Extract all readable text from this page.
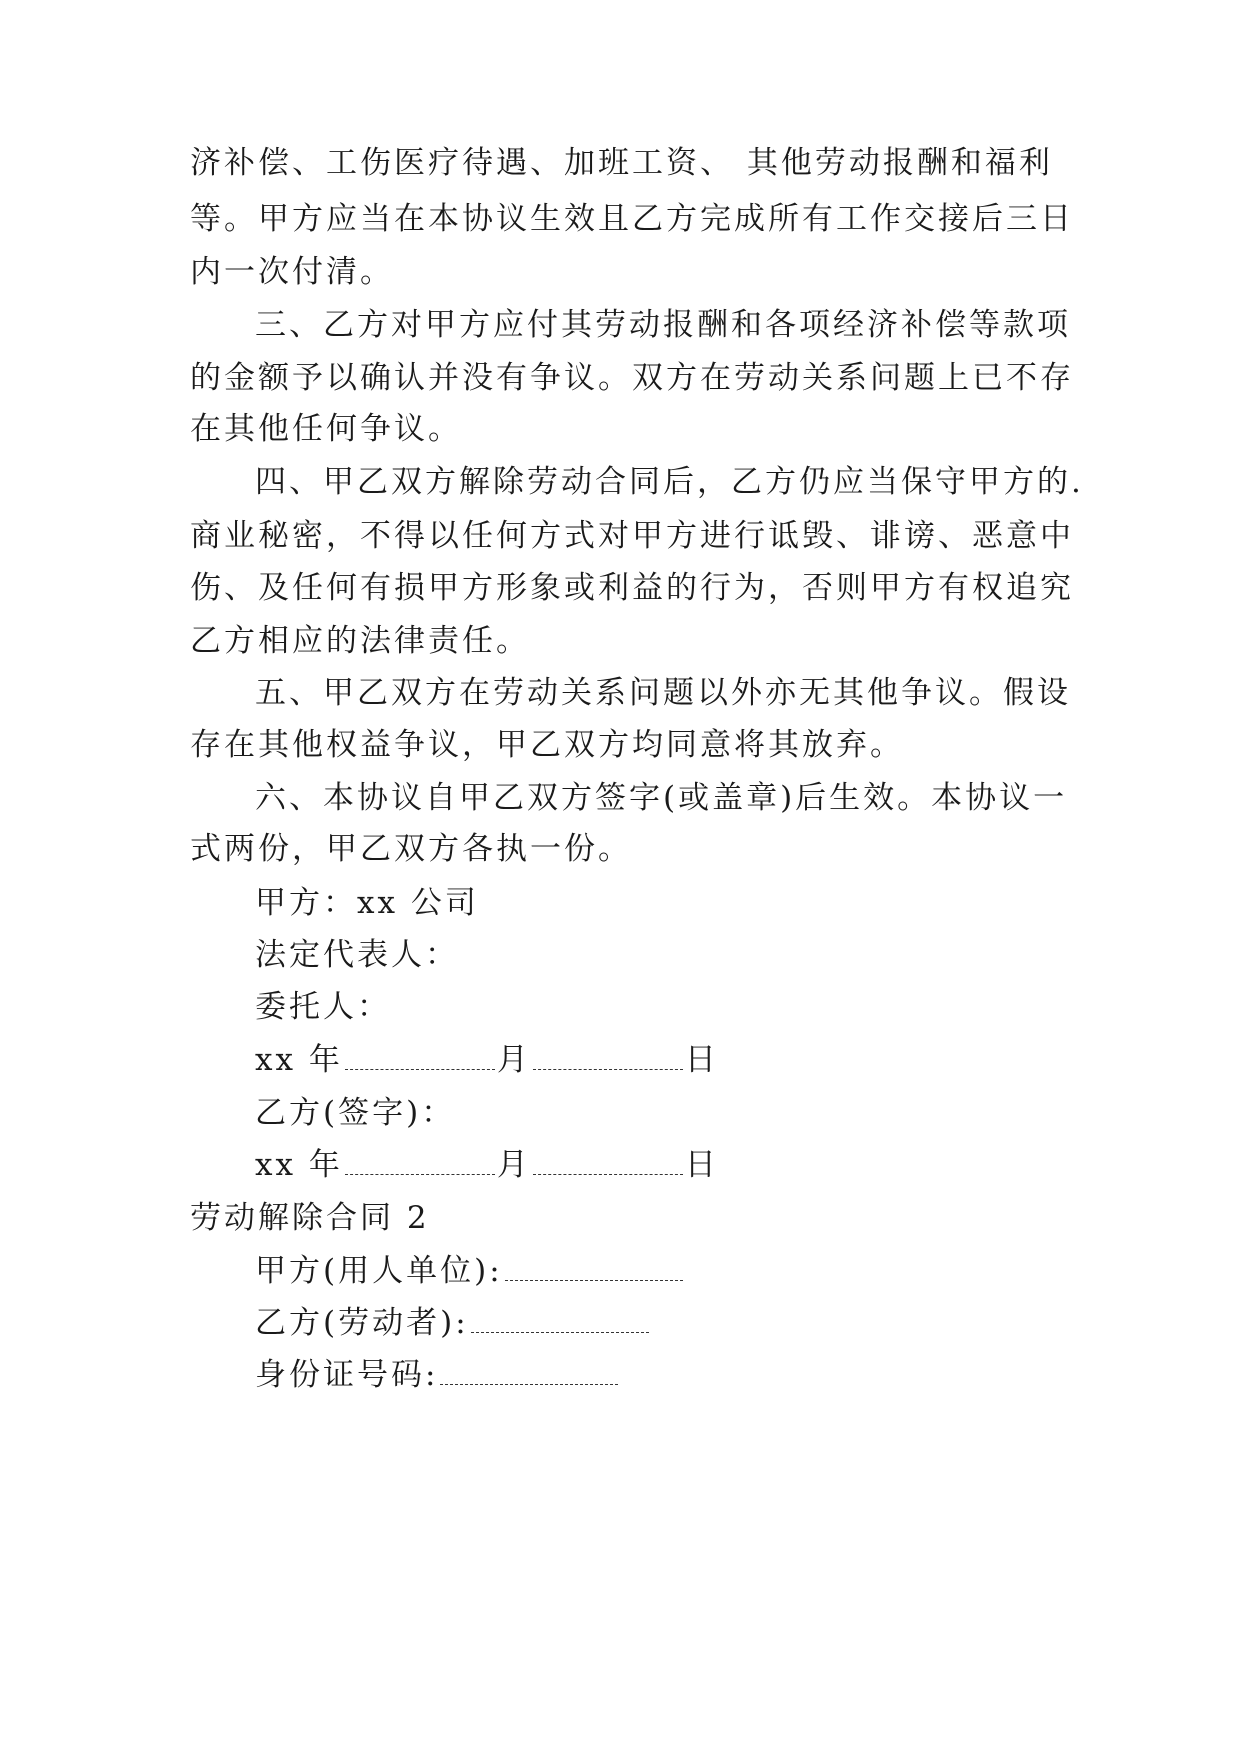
济补偿、工伤医疗待遇、加班工资、 其他劳动报酬和福利
等。甲方应当在本协议生效且乙方完成所有工作交接后三日
内一次付清。
三、乙方对甲方应付其劳动报酬和各项经济补偿等款项
的金额予以确认并没有争议。双方在劳动关系问题上已不存
在其他任何争议。
四、甲乙双方解除劳动合同后，乙方仍应当保守甲方的.
商业秘密，不得以任何方式对甲方进行诋毁、诽谤、恶意中
伤、及任何有损甲方形象或利益的行为，否则甲方有权追究
乙方相应的法律责任。
五、甲乙双方在劳动关系问题以外亦无其他争议。假设
存在其他权益争议，甲乙双方均同意将其放弃。
六、本协议自甲乙双方签字(或盖章)后生效。本协议一
式两份，甲乙双方各执一份。
甲方：xx 公司
法定代表人：
委托人：
xx 年	月	日
乙方(签字)：
xx 年	月	日
劳动解除合同 2
甲方(用人单位):
乙方(劳动者):
身份证号码:
